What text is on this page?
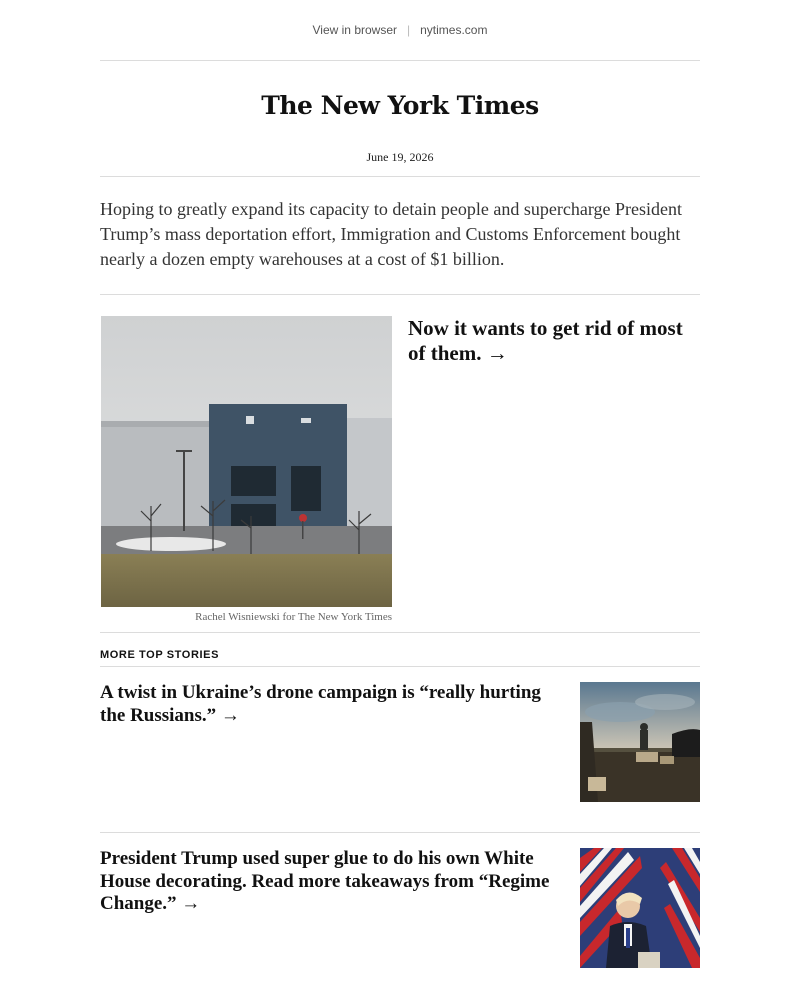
View in browser | nytimes.com
The New York Times
June 19, 2026

Hoping to greatly expand its capacity to detain people and supercharge President Trump’s mass deportation effort, Immigration and Customs Enforcement bought nearly a dozen empty warehouses at a cost of $1 billion.

Rachel Wisniewski for The New York Times
Now it wants to get rid of most of them. →
MORE TOP STORIES
A twist in Ukraine’s drone campaign is “really hurting the Russians.” →
President Trump used super glue to do his own White House decorating. Read more takeaways from “Regime Change.” →
